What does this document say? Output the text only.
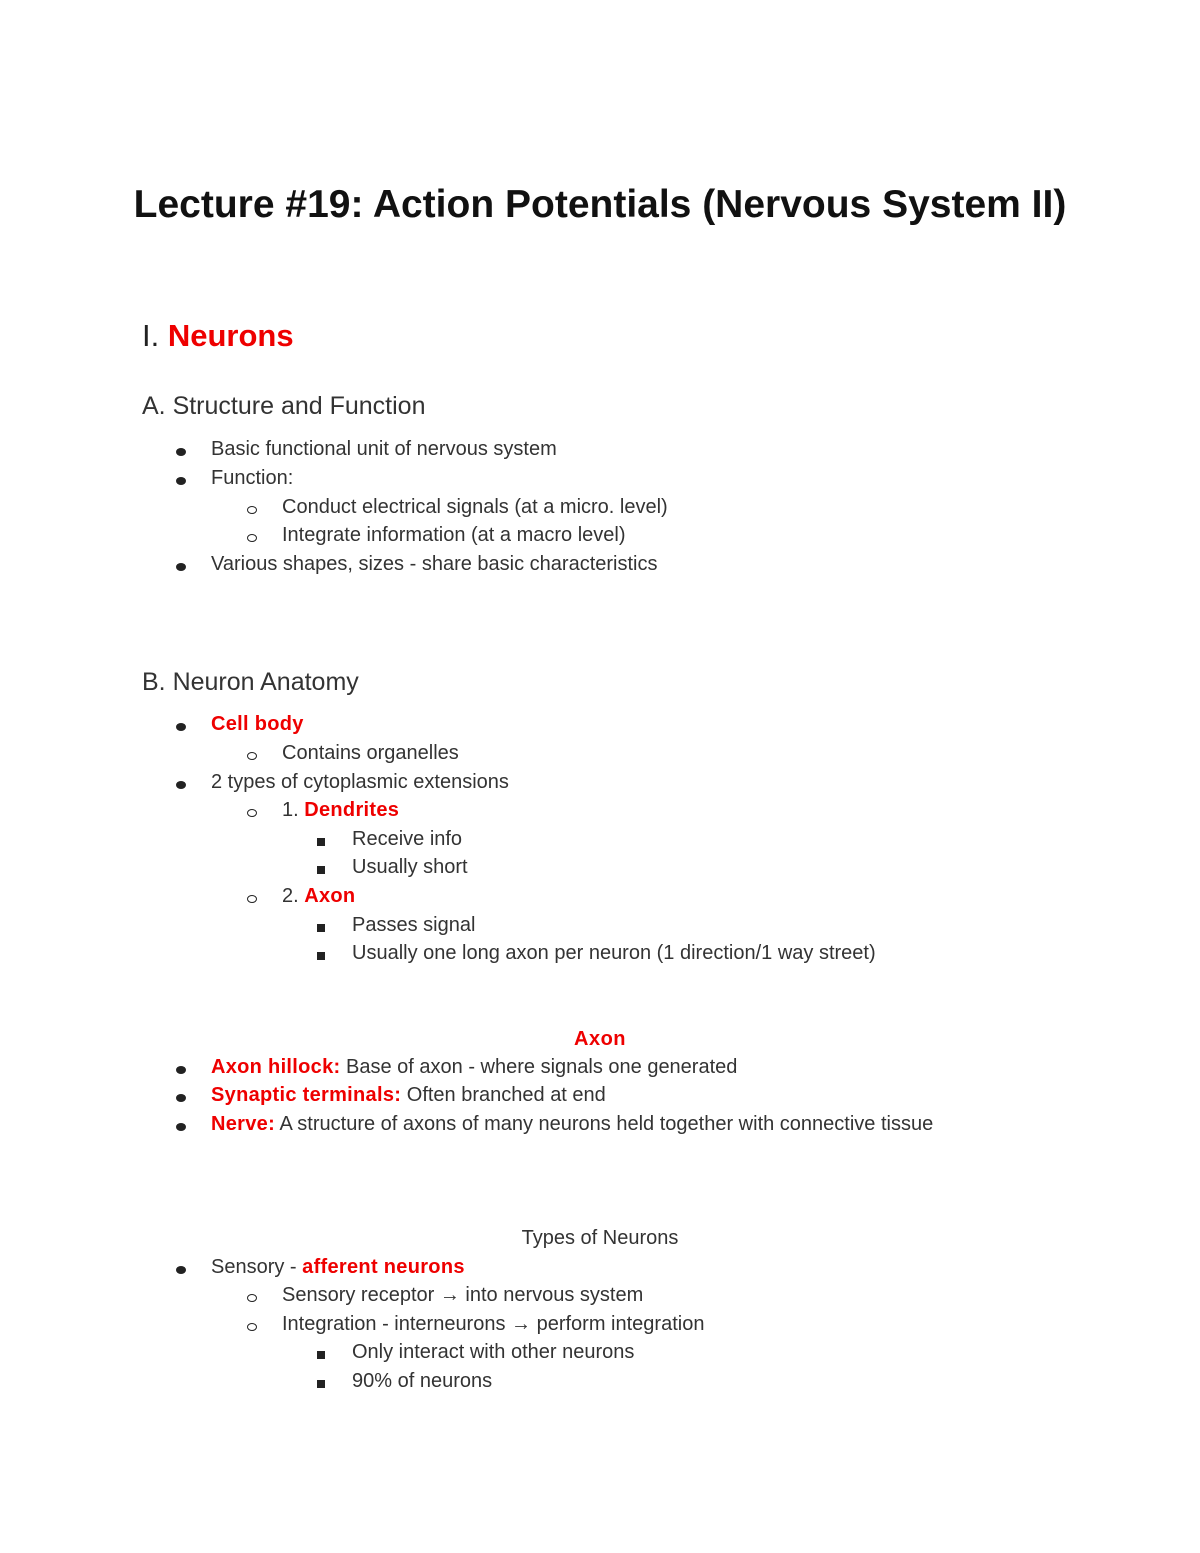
Lecture #19: Action Potentials (Nervous System II)
I. Neurons
A. Structure and Function
Basic functional unit of nervous system
Function:
Conduct electrical signals (at a micro. level)
Integrate information (at a macro level)
Various shapes, sizes - share basic characteristics
B. Neuron Anatomy
Cell body
Contains organelles
2 types of cytoplasmic extensions
1. Dendrites
Receive info
Usually short
2. Axon
Passes signal
Usually one long axon per neuron (1 direction/1 way street)
Axon
Axon hillock: Base of axon - where signals one generated
Synaptic terminals: Often branched at end
Nerve: A structure of axons of many neurons held together with connective tissue
Types of Neurons
Sensory - afferent neurons
Sensory receptor → into nervous system
Integration - interneurons → perform integration
Only interact with other neurons
90% of neurons
